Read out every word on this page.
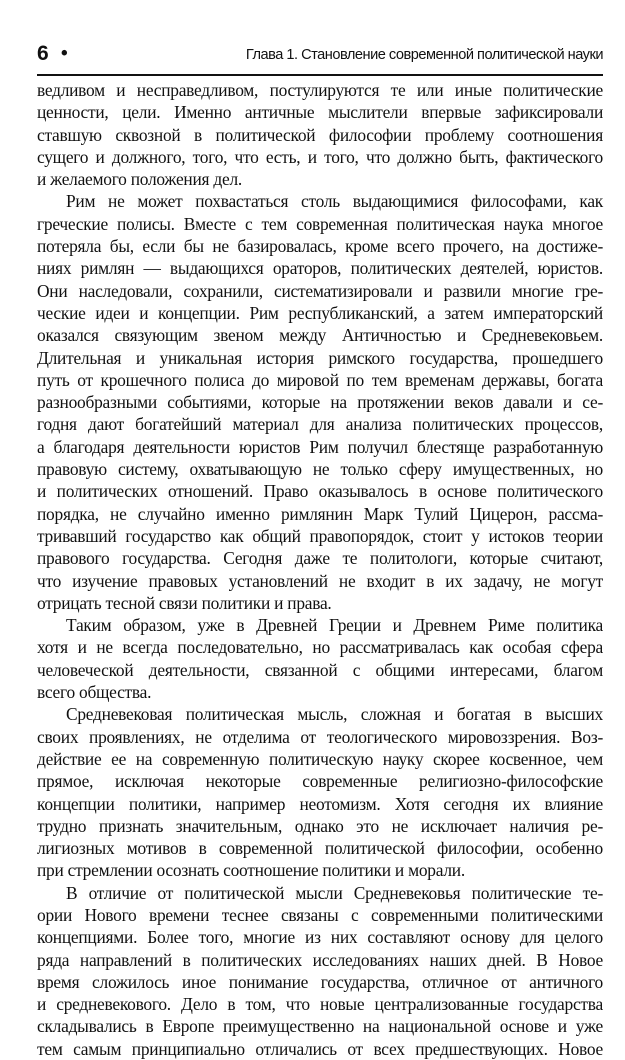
6 •	Глава 1. Становление современной политической науки
ведливом и несправедливом, постулируются те или иные политические
ценности, цели. Именно античные мыслители впервые зафиксировали
ставшую сквозной в политической философии проблему соотношения
сущего и должного, того, что есть, и того, что должно быть, фактического
и желаемого положения дел.
Рим не может похвастаться столь выдающимися философами, как
греческие полисы. Вместе с тем современная политическая наука многое
потеряла бы, если бы не базировалась, кроме всего прочего, на достиже-
ниях римлян — выдающихся ораторов, политических деятелей, юристов.
Они наследовали, сохранили, систематизировали и развили многие гре-
ческие идеи и концепции. Рим республиканский, а затем императорский
оказался связующим звеном между Античностью и Средневековьем.
Длительная и уникальная история римского государства, прошедшего
путь от крошечного полиса до мировой по тем временам державы, богата
разнообразными событиями, которые на протяжении веков давали и се-
годня дают богатейший материал для анализа политических процессов,
а благодаря деятельности юристов Рим получил блестяще разработанную
правовую систему, охватывающую не только сферу имущественных, но
и политических отношений. Право оказывалось в основе политического
порядка, не случайно именно римлянин Марк Тулий Цицерон, рассма-
тривавший государство как общий правопорядок, стоит у истоков теории
правового государства. Сегодня даже те политологи, которые считают,
что изучение правовых установлений не входит в их задачу, не могут
отрицать тесной связи политики и права.
Таким образом, уже в Древней Греции и Древнем Риме политика
хотя и не всегда последовательно, но рассматривалась как особая сфера
человеческой деятельности, связанной с общими интересами, благом
всего общества.
Средневековая политическая мысль, сложная и богатая в высших
своих проявлениях, не отделима от теологического мировоззрения. Воз-
действие ее на современную политическую науку скорее косвенное, чем
прямое, исключая некоторые современные религиозно-философские
концепции политики, например неотомизм. Хотя сегодня их влияние
трудно признать значительным, однако это не исключает наличия ре-
лигиозных мотивов в современной политической философии, особенно
при стремлении осознать соотношение политики и морали.
В отличие от политической мысли Средневековья политические те-
ории Нового времени теснее связаны с современными политическими
концепциями. Более того, многие из них составляют основу для целого
ряда направлений в политических исследованиях наших дней. В Новое
время сложилось иное понимание государства, отличное от античного
и средневекового. Дело в том, что новые централизованные государства
складывались в Европе преимущественно на национальной основе и уже
тем самым принципиально отличались от всех предшествующих. Новое
